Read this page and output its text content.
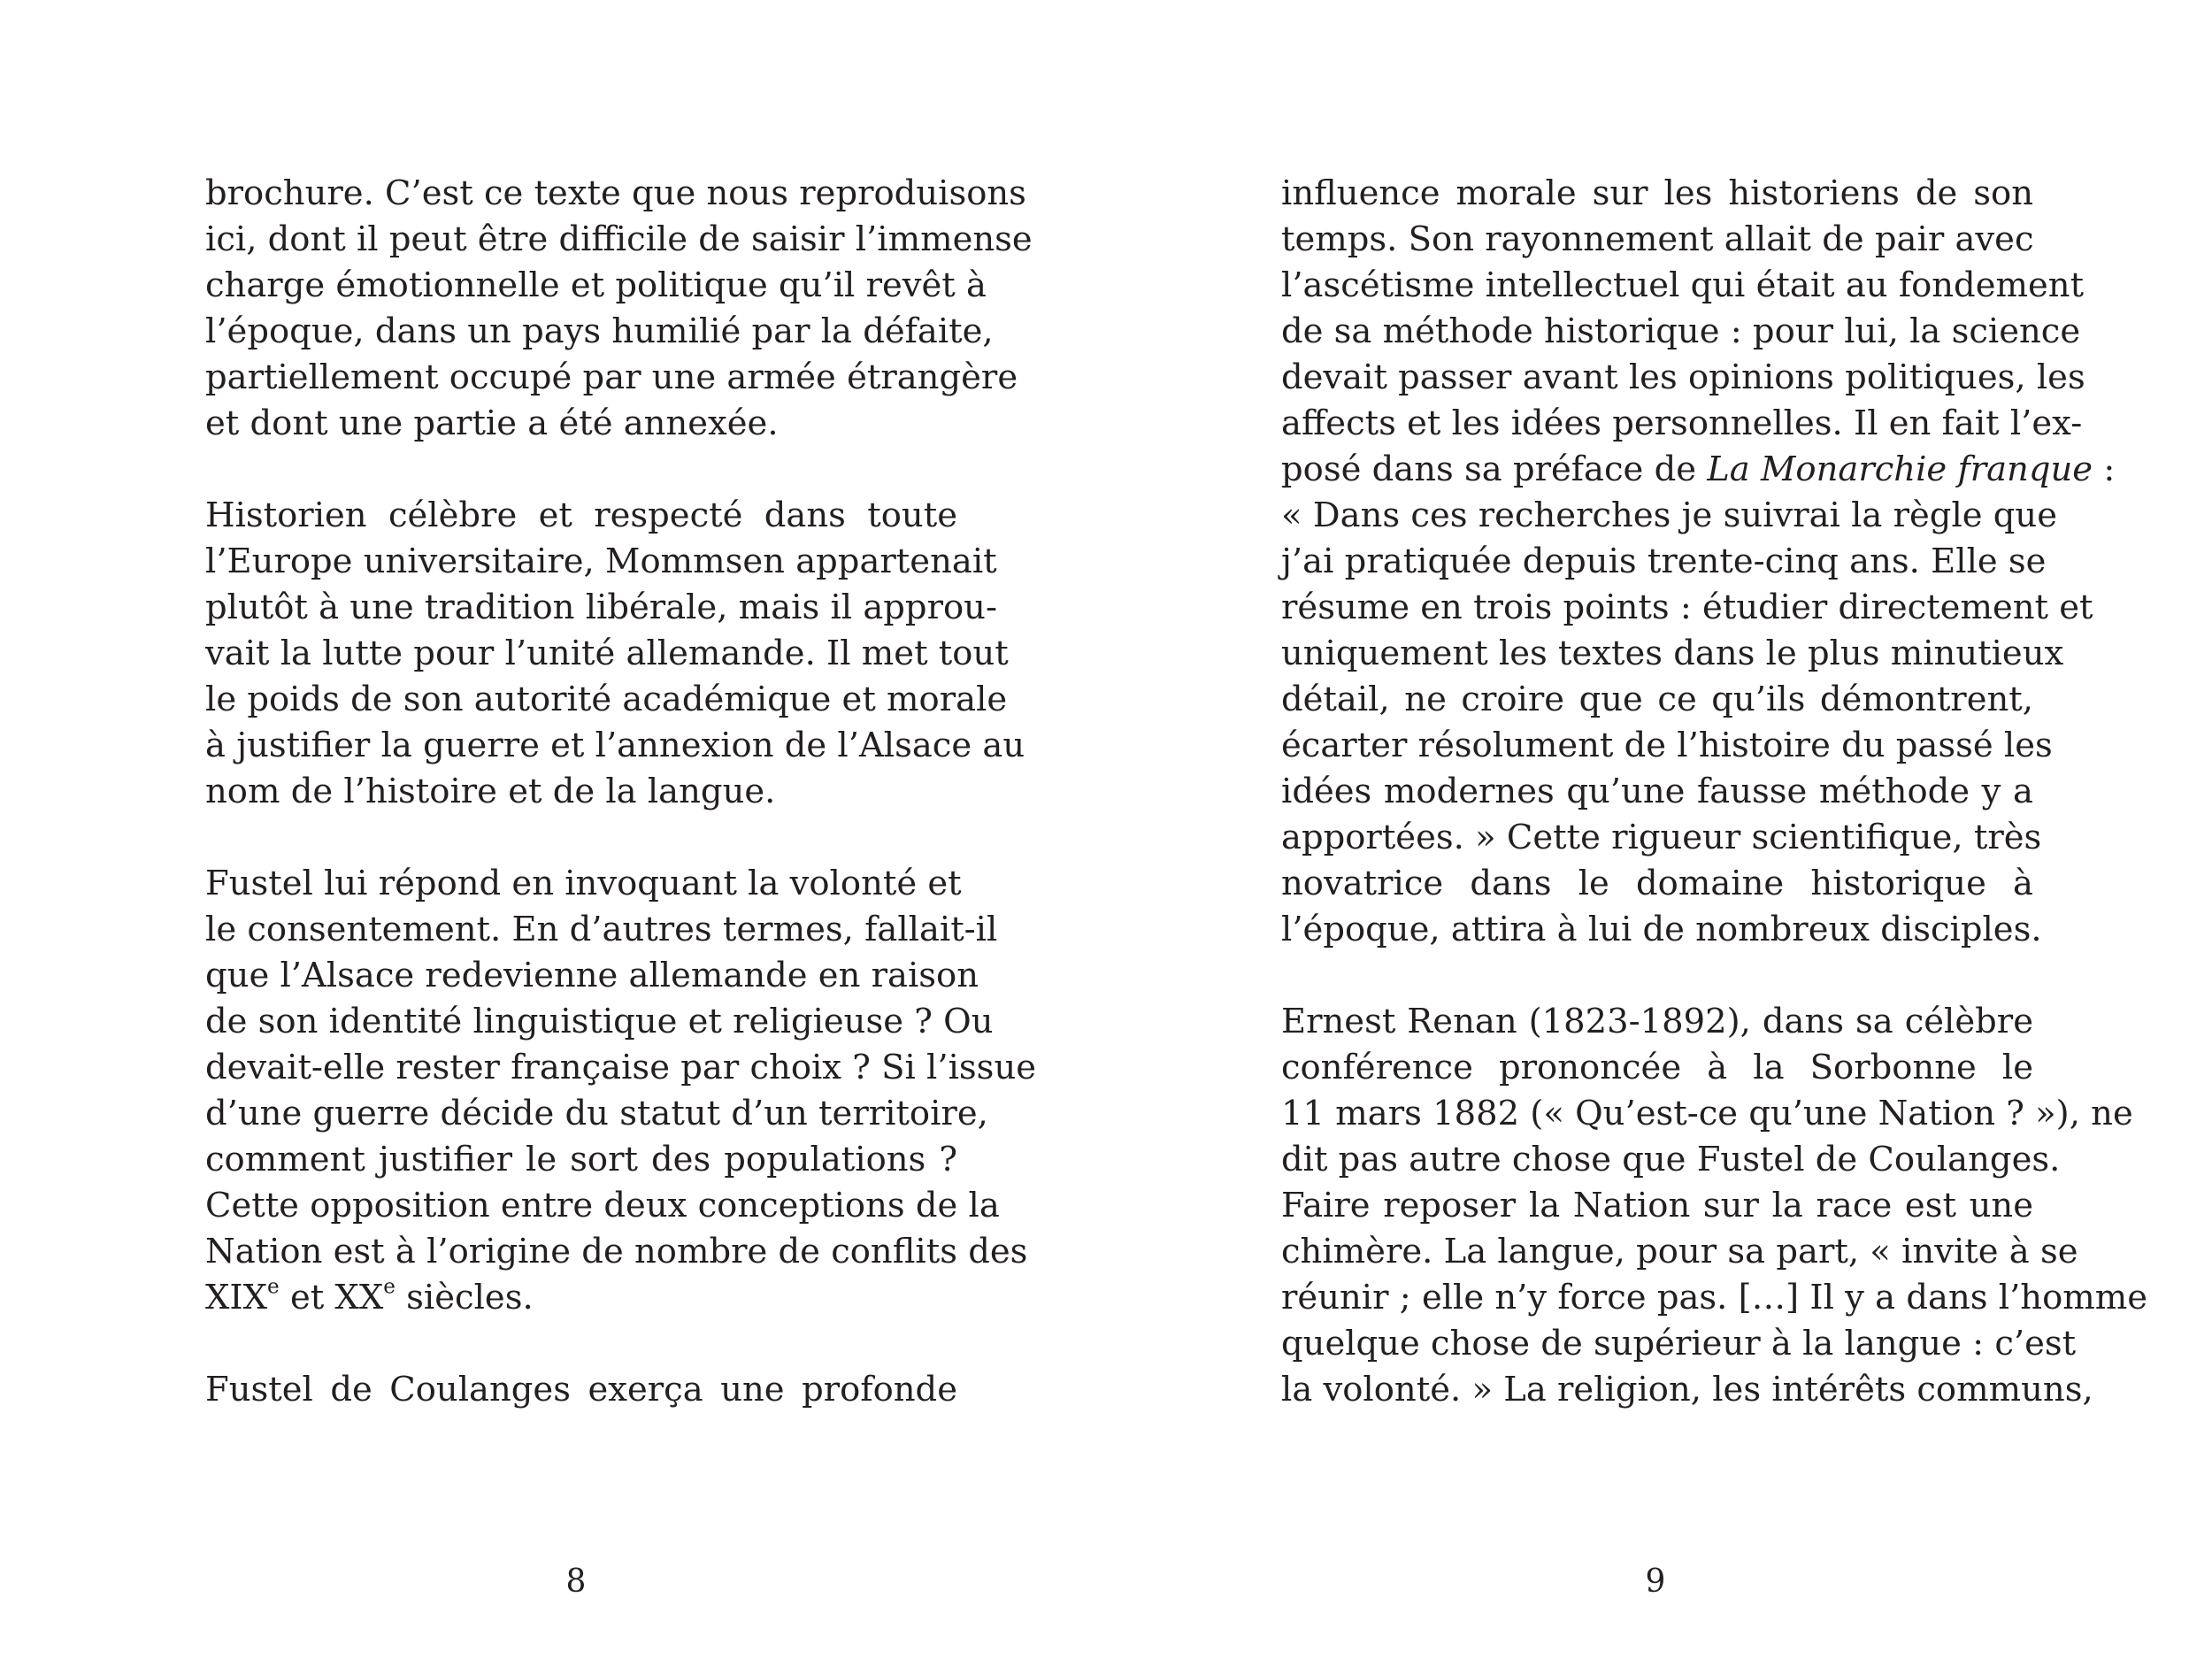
brochure. C’est ce texte que nous reproduisons
ici, dont il peut être difficile de saisir l’immense
charge émotionnelle et politique qu’il revêt à
l’époque, dans un pays humilié par la défaite,
partiellement occupé par une armée étrangère
et dont une partie a été annexée.
Historien célèbre et respecté dans toute
l’Europe universitaire, Mommsen appartenait
plutôt à une tradition libérale, mais il approu-
vait la lutte pour l’unité allemande. Il met tout
le poids de son autorité académique et morale
à justifier la guerre et l’annexion de l’Alsace au
nom de l’histoire et de la langue.
Fustel lui répond en invoquant la volonté et
le consentement. En d’autres termes, fallait-il
que l’Alsace redevienne allemande en raison
de son identité linguistique et religieuse ? Ou
devait-elle rester française par choix ? Si l’issue
d’une guerre décide du statut d’un territoire,
comment justifier le sort des populations ?
Cette opposition entre deux conceptions de la
Nation est à l’origine de nombre de conflits des
XIXe et XXe siècles.
Fustel de Coulanges exerça une profonde
8
influence morale sur les historiens de son
temps. Son rayonnement allait de pair avec
l’ascétisme intellectuel qui était au fondement
de sa méthode historique : pour lui, la science
devait passer avant les opinions politiques, les
affects et les idées personnelles. Il en fait l’ex-
posé dans sa préface de La Monarchie franque :
« Dans ces recherches je suivrai la règle que
j’ai pratiquée depuis trente-cinq ans. Elle se
résume en trois points : étudier directement et
uniquement les textes dans le plus minutieux
détail, ne croire que ce qu’ils démontrent,
écarter résolument de l’histoire du passé les
idées modernes qu’une fausse méthode y a
apportées. » Cette rigueur scientifique, très
novatrice dans le domaine historique à
l’époque, attira à lui de nombreux disciples.
Ernest Renan (1823-1892), dans sa célèbre
conférence prononcée à la Sorbonne le
11 mars 1882 (« Qu’est-ce qu’une Nation ? »), ne
dit pas autre chose que Fustel de Coulanges.
Faire reposer la Nation sur la race est une
chimère. La langue, pour sa part, « invite à se
réunir ; elle n’y force pas. […] Il y a dans l’homme
quelque chose de supérieur à la langue : c’est
la volonté. » La religion, les intérêts communs,
9
